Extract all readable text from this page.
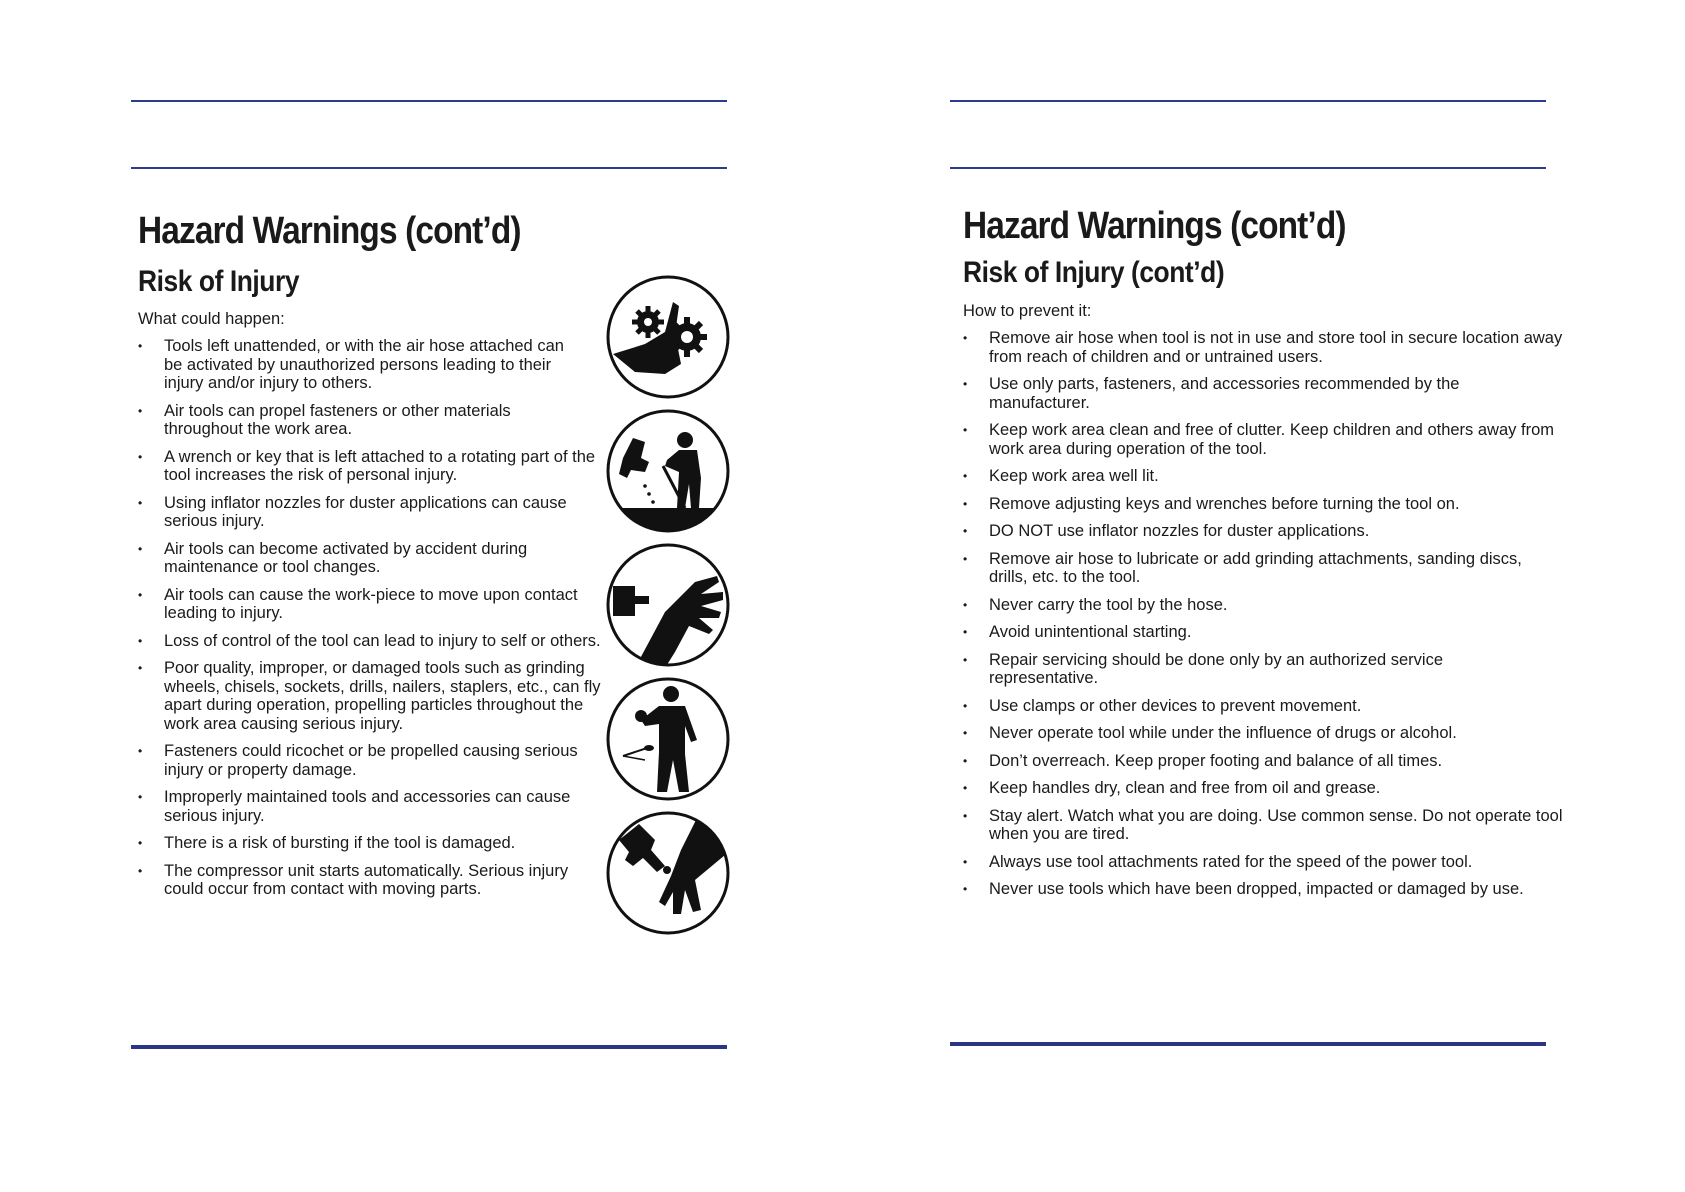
Hazard Warnings (cont’d)
Risk of Injury

What could happen:

• Tools left unattended, or with the air hose attached can be activated by unauthorized persons leading to their injury and/or injury to others.
• Air tools can propel fasteners or other materials throughout the work area.
• A wrench or key that is left attached to a rotating part of the tool increases the risk of personal injury.
• Using inflator nozzles for duster applications can cause serious injury.
• Air tools can become activated by accident during maintenance or tool changes.
• Air tools can cause the work-piece to move upon contact leading to injury.
• Loss of control of the tool can lead to injury to self or others.
• Poor quality, improper, or damaged tools such as grinding wheels, chisels, sockets, drills, nailers, staplers, etc., can fly apart during operation, propelling particles throughout the work area causing serious injury.
• Fasteners could ricochet or be propelled causing serious injury or property damage.
• Improperly maintained tools and accessories can cause serious injury.
• There is a risk of bursting if the tool is damaged.
• The compressor unit starts automatically. Serious injury could occur from contact with moving parts.
Hazard Warnings (cont’d)
Risk of Injury (cont’d)

How to prevent it:

• Remove air hose when tool is not in use and store tool in secure location away from reach of children and or untrained users.
• Use only parts, fasteners, and accessories recommended by the manufacturer.
• Keep work area clean and free of clutter. Keep children and others away from work area during operation of the tool.
• Keep work area well lit.
• Remove adjusting keys and wrenches before turning the tool on.
• DO NOT use inflator nozzles for duster applications.
• Remove air hose to lubricate or add grinding attachments, sanding discs, drills, etc. to the tool.
• Never carry the tool by the hose.
• Avoid unintentional starting.
• Repair servicing should be done only by an authorized service representative.
• Use clamps or other devices to prevent movement.
• Never operate tool while under the influence of drugs or alcohol.
• Don’t overreach. Keep proper footing and balance of all times.
• Keep handles dry, clean and free from oil and grease.
• Stay alert. Watch what you are doing. Use common sense. Do not operate tool when you are tired.
• Always use tool attachments rated for the speed of the power tool.
• Never use tools which have been dropped, impacted or damaged by use.
